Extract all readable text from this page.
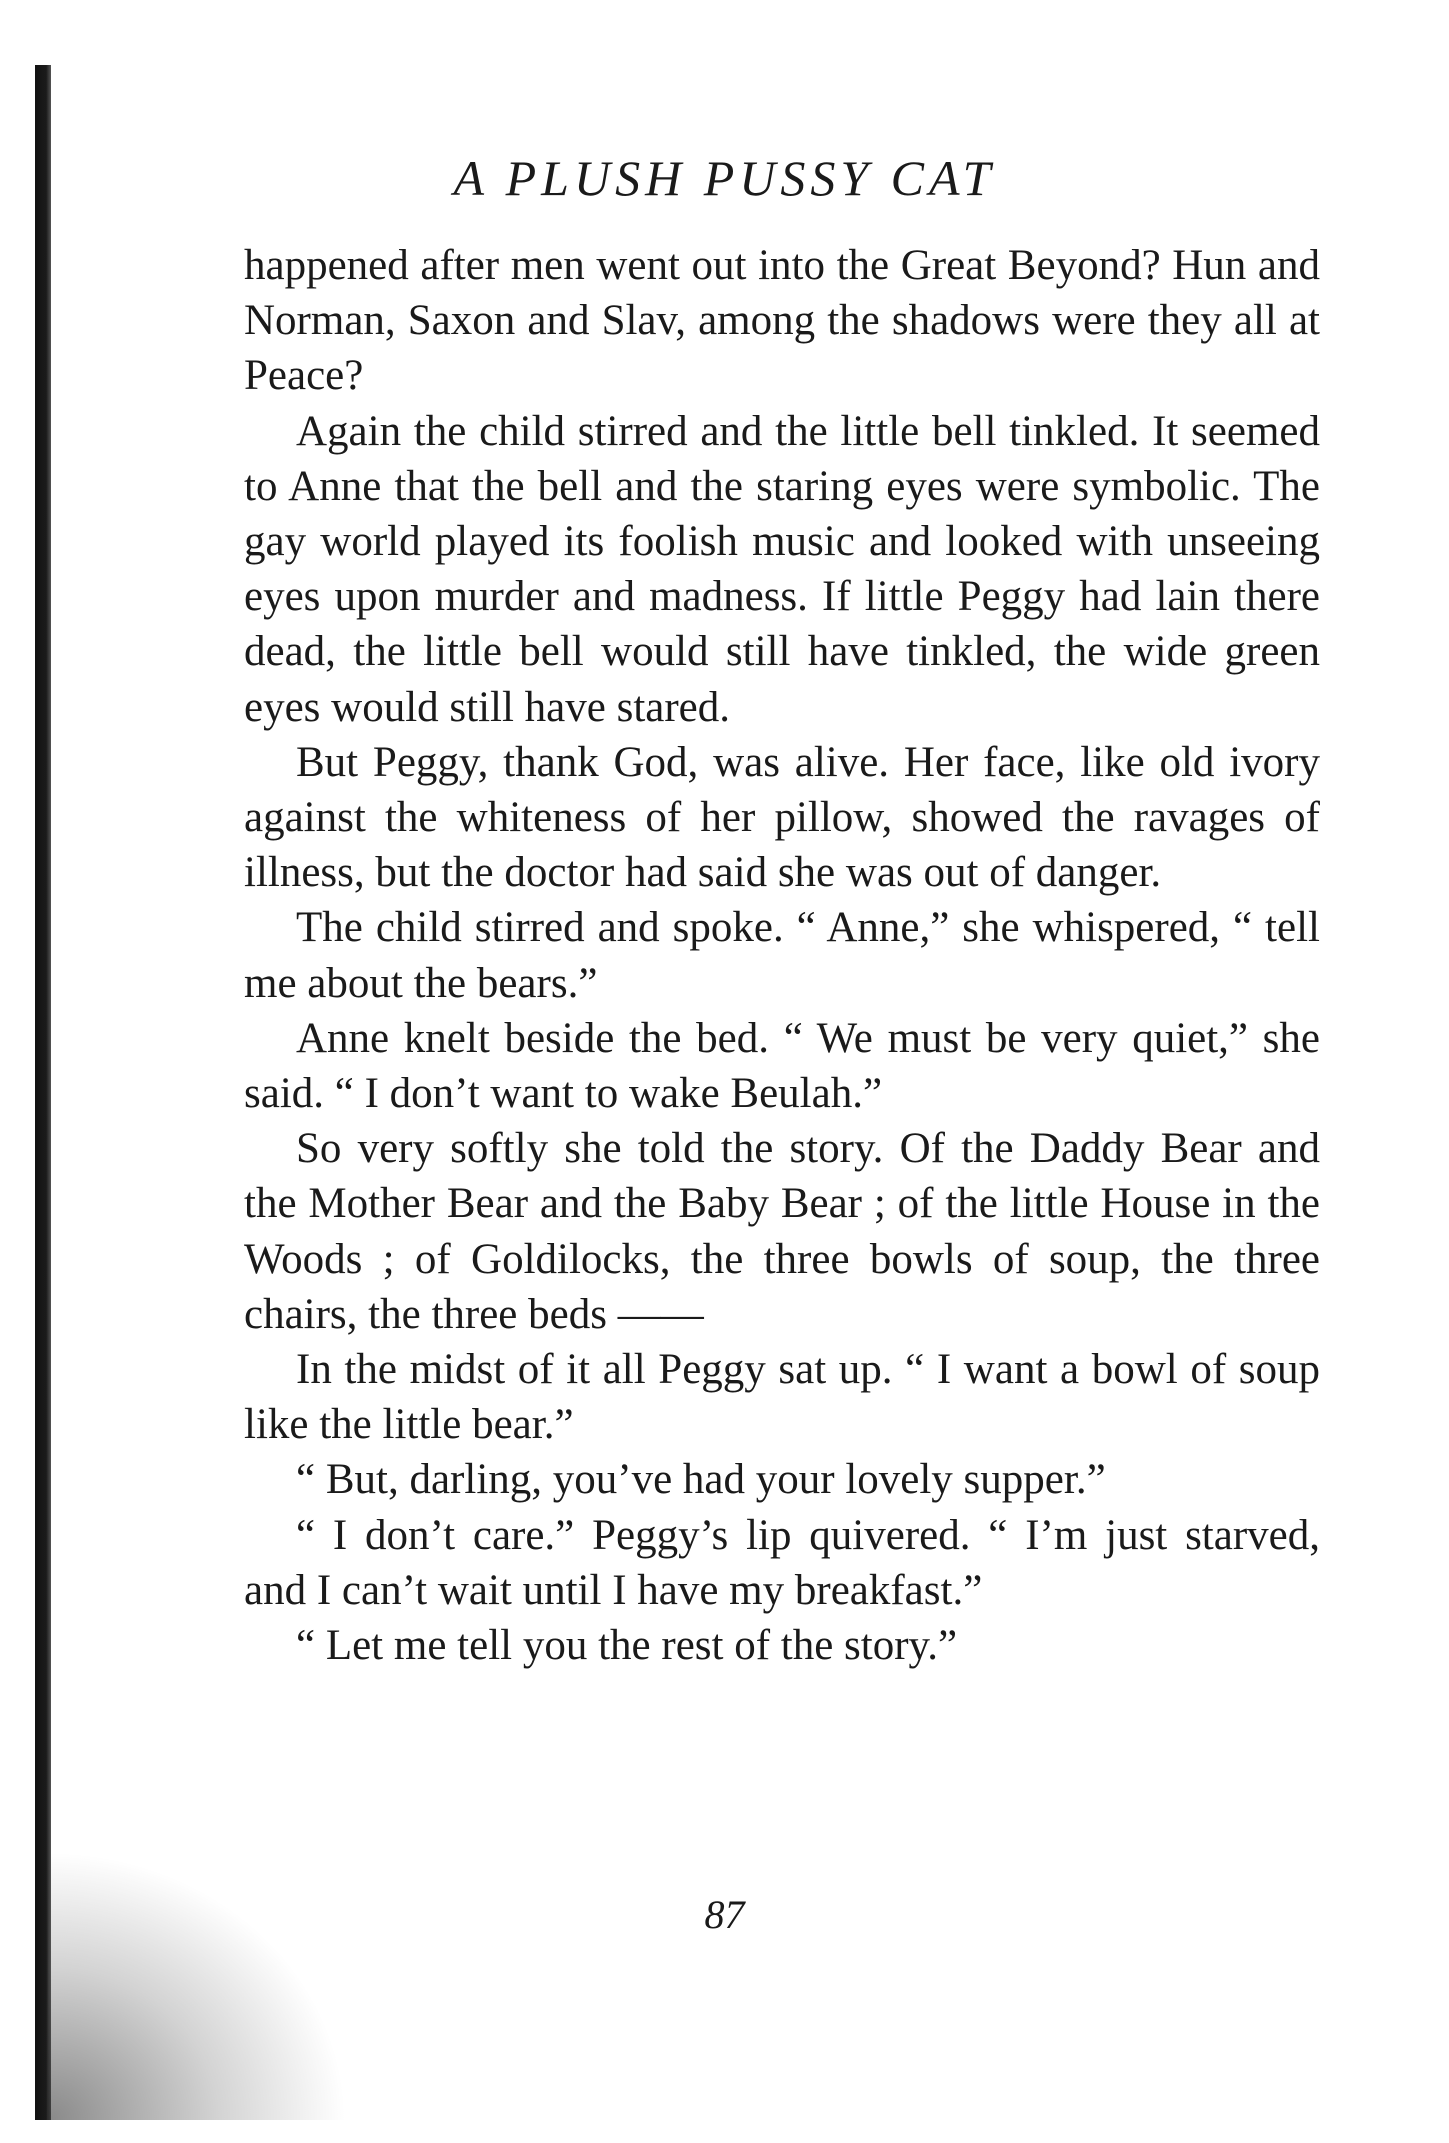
A PLUSH PUSSY CAT

happened after men went out into the Great Beyond? Hun and Norman, Saxon and Slav, among the shadows were they all at Peace?

Again the child stirred and the little bell tinkled. It seemed to Anne that the bell and the staring eyes were symbolic. The gay world played its foolish music and looked with unseeing eyes upon murder and madness. If little Peggy had lain there dead, the little bell would still have tinkled, the wide green eyes would still have stared.

But Peggy, thank God, was alive. Her face, like old ivory against the whiteness of her pillow, showed the ravages of illness, but the doctor had said she was out of danger.

The child stirred and spoke. “ Anne,” she whispered, “ tell me about the bears.”

Anne knelt beside the bed. “ We must be very quiet,” she said. “ I don’t want to wake Beulah.”

So very softly she told the story. Of the Daddy Bear and the Mother Bear and the Baby Bear ; of the little House in the Woods ; of Goldilocks, the three bowls of soup, the three chairs, the three beds ——

In the midst of it all Peggy sat up. “ I want a bowl of soup like the little bear.”

“ But, darling, you’ve had your lovely supper.”

“ I don’t care.” Peggy’s lip quivered. “ I’m just starved, and I can’t wait until I have my breakfast.”

“ Let me tell you the rest of the story.”

87
